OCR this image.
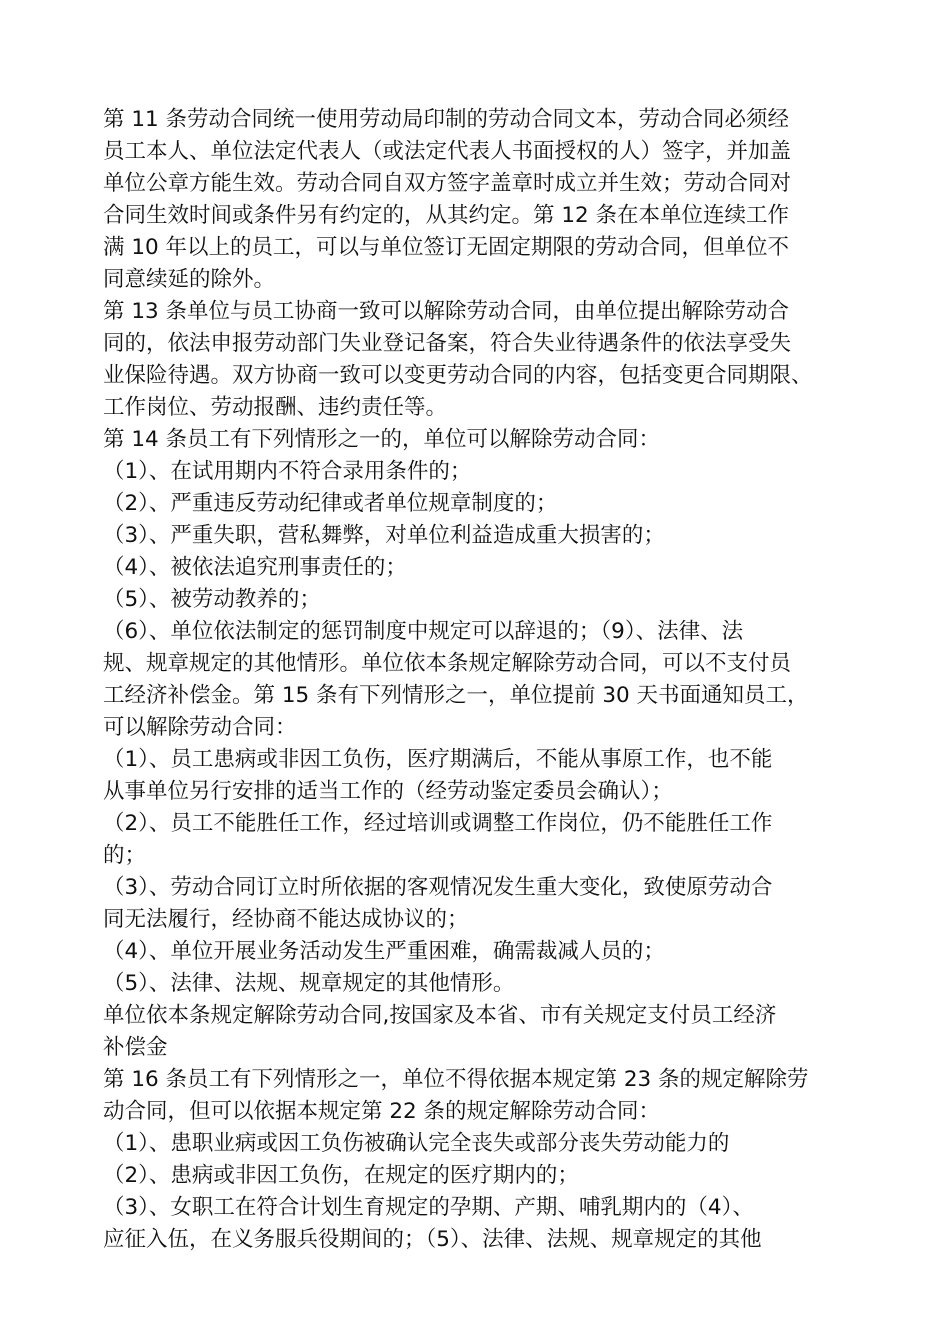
第 11 条劳动合同统一使用劳动局印制的劳动合同文本，劳动合同必须经
员工本人、单位法定代表人（或法定代表人书面授权的人）签字，并加盖
单位公章方能生效。劳动合同自双方签字盖章时成立并生效；劳动合同对
合同生效时间或条件另有约定的，从其约定。第 12 条在本单位连续工作
满 10 年以上的员工，可以与单位签订无固定期限的劳动合同，但单位不
同意续延的除外。
第 13 条单位与员工协商一致可以解除劳动合同，由单位提出解除劳动合
同的，依法申报劳动部门失业登记备案，符合失业待遇条件的依法享受失
业保险待遇。双方协商一致可以变更劳动合同的内容，包括变更合同期限、
工作岗位、劳动报酬、违约责任等。
第 14 条员工有下列情形之一的，单位可以解除劳动合同：
（1）、在试用期内不符合录用条件的；
（2）、严重违反劳动纪律或者单位规章制度的；
（3）、严重失职，营私舞弊，对单位利益造成重大损害的；
（4）、被依法追究刑事责任的；
（5）、被劳动教养的；
（6）、单位依法制定的惩罚制度中规定可以辞退的；（9）、法律、法
规、规章规定的其他情形。单位依本条规定解除劳动合同，可以不支付员
工经济补偿金。第 15 条有下列情形之一，单位提前 30 天书面通知员工，
可以解除劳动合同：
（1）、员工患病或非因工负伤，医疗期满后，不能从事原工作，也不能
从事单位另行安排的适当工作的（经劳动鉴定委员会确认）；
（2）、员工不能胜任工作，经过培训或调整工作岗位，仍不能胜任工作
的；
（3）、劳动合同订立时所依据的客观情况发生重大变化，致使原劳动合
同无法履行，经协商不能达成协议的；
（4）、单位开展业务活动发生严重困难，确需裁减人员的；
（5）、法律、法规、规章规定的其他情形。
单位依本条规定解除劳动合同,按国家及本省、市有关规定支付员工经济
补偿金
第 16 条员工有下列情形之一，单位不得依据本规定第 23 条的规定解除劳
动合同，但可以依据本规定第 22 条的规定解除劳动合同：
（1）、患职业病或因工负伤被确认完全丧失或部分丧失劳动能力的
（2）、患病或非因工负伤，在规定的医疗期内的；
（3）、女职工在符合计划生育规定的孕期、产期、哺乳期内的（4）、
应征入伍，在义务服兵役期间的；（5）、法律、法规、规章规定的其他
